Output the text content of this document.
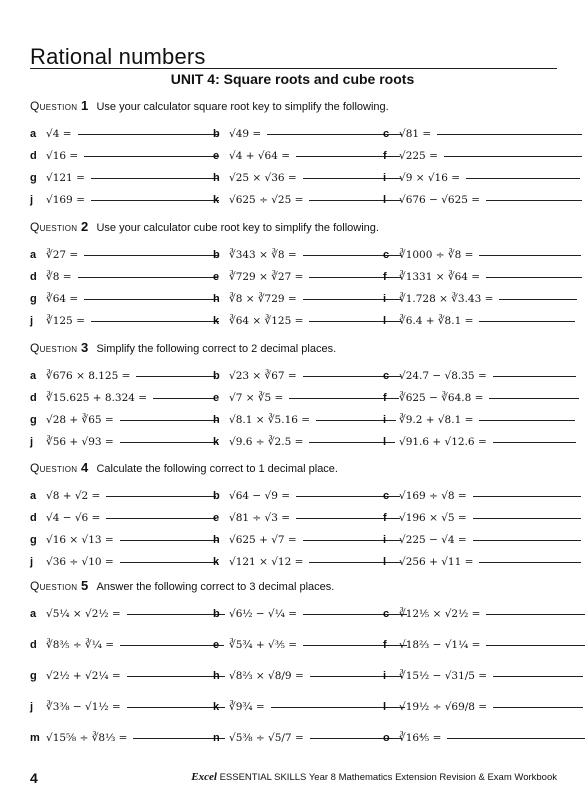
Rational numbers
UNIT 4: Square roots and cube roots
Question 1 Use your calculator square root key to simplify the following.
a √4 =	b √49 =	c √81 =
d √16 =	e √4 + √64 =	f	√225 =
g √121 =	h √25 × √36 =	i	√9 × √16 =
j	√169 =	k √625 ÷ √25 =	l	√676 − √625 =
Question 2 Use your calculator cube root key to simplify the following.
a ∛27 =	b ∛343 × ∛8 =	c ∛1000 ÷ ∛8 =
d ∛8 =	e ∛729 × ∛27 =	f	∛1331 × ∛64 =
g ∛64 =	h ∛8 × ∛729 =	i	∛1.728 × ∛3.43 =
j	∛125 =	k ∛64 × ∛125 =	l	∛6.4 + ∛8.1 =
Question 3 Simplify the following correct to 2 decimal places.
a ∛676 × 8.125 =	b √23 × ∛67 =	c √24.7 − √8.35 =
d ∛15.625 + 8.324 =	e √7 × ∛5 =	f	∛625 − ∛64.8 =
g √28 + ∛65 =	h √8.1 × ∛5.16 =	i	∛9.2 + √8.1 =
j	∛56 + √93 =	k √9.6 ÷ ∛2.5 =	l	√91.6 + √12.6 =
Question 4 Calculate the following correct to 1 decimal place.
a √8 + √2 =	b √64 − √9 =	c √169 ÷ √8 =
d √4 − √6 =	e √81 ÷ √3 =	f	√196 × √5 =
g √16 × √13 =	h √625 + √7 =	i	√225 − √4 =
j	√36 ÷ √10 =	k √121 × √12 =	l	√256 + √11 =
Question 5 Answer the following correct to 3 decimal places.
a √5¼ × √2½ =	b √6½ − √¼ =	c ∛12⅕ × √2½ =
d ∛8⅗ ÷ ∛¼ =	e ∛5¾ + √⅗ =	f	√18⅔ − √1¼ =
g √2½ + √2¼ =	h √8⅔ × √8/9 =	i	∛15½ − √31/5 =
j	∛3⅜ − √1½ =	k ∛9¾ =	l	√19½ ÷ √69/8 =
m √15⅝ ÷ ∛8⅓ =	n √5⅜ ÷ √5/7 =	o ∛16⅘ =
4	Excel ESSENTIAL SKILLS Year 8 Mathematics Extension Revision & Exam Workbook
